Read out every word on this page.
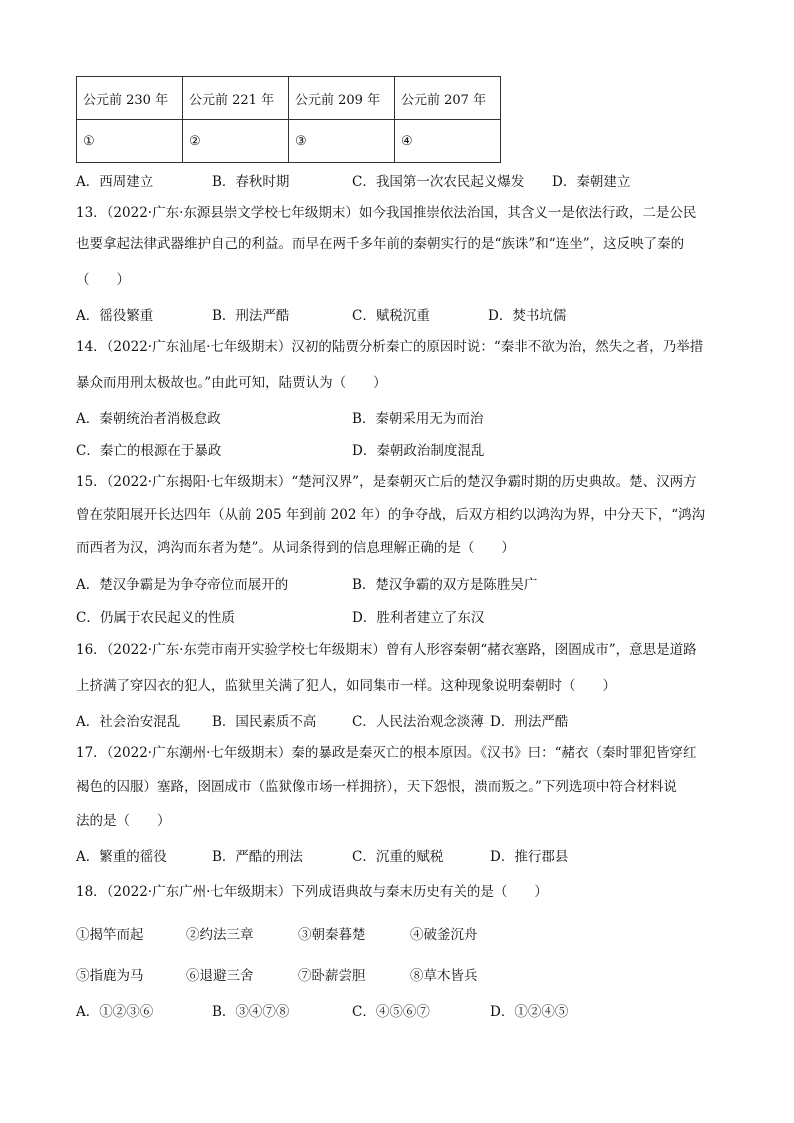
公元前 230 年	公元前 221 年	公元前 209 年	公元前 207 年
①	②	③	④
A．西周建立	B．春秋时期	C．我国第一次农民起义爆发 D．秦朝建立
13．（2022·广东·东源县崇文学校七年级期末）如今我国推崇依法治国，其含义一是依法行政，二是公民
也要拿起法律武器维护自己的利益。而早在两千多年前的秦朝实行的是“族诛”和“连坐”，这反映了秦的
（　　）
A．徭役繁重	B．刑法严酷	C．赋税沉重	D．焚书坑儒
14．（2022·广东汕尾·七年级期末）汉初的陆贾分析秦亡的原因时说：“秦非不欲为治，然失之者，乃举措
暴众而用刑太极故也。”由此可知，陆贾认为（　　）
A．秦朝统治者消极怠政	B．秦朝采用无为而治
C．秦亡的根源在于暴政	D．秦朝政治制度混乱
15．（2022·广东揭阳·七年级期末）“楚河汉界”，是秦朝灭亡后的楚汉争霸时期的历史典故。楚、汉两方
曾在荥阳展开长达四年（从前 205 年到前 202 年）的争夺战，后双方相约以鸿沟为界，中分天下，“鸿沟
而西者为汉，鸿沟而东者为楚”。从词条得到的信息理解正确的是（　　）
A．楚汉争霸是为争夺帝位而展开的	B．楚汉争霸的双方是陈胜吴广
C．仍属于农民起义的性质	D．胜利者建立了东汉
16．（2022·广东·东莞市南开实验学校七年级期末）曾有人形容秦朝“赭衣塞路，囹圄成市”，意思是道路
上挤满了穿囚衣的犯人，监狱里关满了犯人，如同集市一样。这种现象说明秦朝时（　　）
A．社会治安混乱 B．国民素质不高	C．人民法治观念淡薄 D．刑法严酷
17．（2022·广东潮州·七年级期末）秦的暴政是秦灭亡的根本原因。《汉书》曰：“赭衣（秦时罪犯皆穿红
褐色的囚服）塞路，囹圄成市（监狱像市场一样拥挤），天下怨恨，溃而叛之。”下列选项中符合材料说
法的是（　　）
A．繁重的徭役	B．严酷的刑法	C．沉重的赋税	D．推行郡县
18．（2022·广东广州·七年级期末）下列成语典故与秦末历史有关的是（　　）
①揭竿而起	②约法三章	③朝秦暮楚	④破釜沉舟
⑤指鹿为马	⑥退避三舍	⑦卧薪尝胆	⑧草木皆兵
A．①②③⑥	B．③④⑦⑧	C．④⑤⑥⑦	D．①②④⑤
